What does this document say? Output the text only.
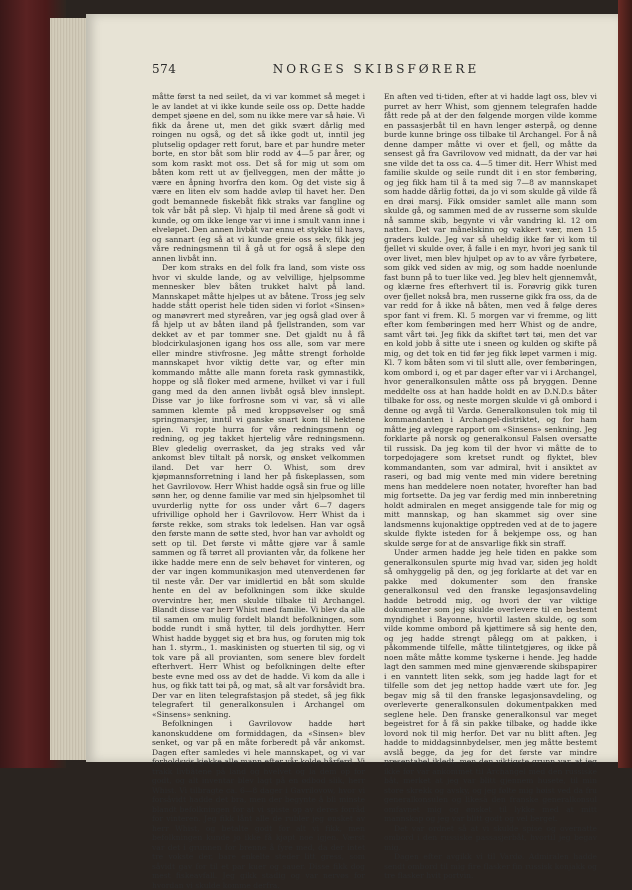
574	NORGES SKIBSFØRERE

måtte først ta ned seilet, da vi var kommet så meget i le av landet at vi ikke kunde seile oss op. Dette hadde dempet sjøene en del, som nu ikke mere var så høie. Vi fikk da årene ut, men det gikk svært dårlig med roingen nu også, og det så ikke godt ut, inntil jeg plutselig opdager rett forut, bare et par hundre meter borte, en stor båt som blir rodd av 4—5 par årer, og som kom raskt mot oss. Det så for mig ut som om båten kom rett ut av fjellveggen, men der måtte jo være en åpning hvorfra den kom. Og det viste sig å være en liten elv som hadde avløp til havet her. Den godt bemannede fiskebåt fikk straks var fangline og tok vår båt på slep. Vi hjalp til med årene så godt vi kunde, og om ikke lenge var vi inne i smult vann inne i elveløpet. Den annen livbåt var ennu et stykke til havs, og sannart (eg så at vi kunde greie oss selv, fikk jeg våre redningsmenn til å gå ut for også å slepe den annen livbåt inn.

Der kom straks en del folk fra land, som viste oss hvor vi skulde lande, og av velvillige, hjelpsomme mennesker blev båten trukket halvt på land. Mannskapet måtte hjelpes ut av båtene. Tross jeg selv hadde stått operist hele tiden siden vi forlot «Sinsen» og manøvrert med styreåren, var jeg også glad over å få hjelp ut av båten iland på fjellstranden, som var dekket av et par tommer sne. Det gjaldt nu å få blodcirkulasjonen igang hos oss alle, som var mere eller mindre stivfrosne. Jeg måtte strengt forholde mannskapet hvor viktig dette var, og efter min kommando måtte alle mann foreta rask gymnastikk, hoppe og slå floker med armene, hvilket vi var i full gang med da den annen livbåt også blev innslept. Disse var jo like forfrosne som vi var, så vi alle sammen klemte på med kroppsøvelser og små springmarsjer, inntil vi ganske snart kom til hektene igjen. Vi ropte hurra for våre redningsmenn og redning, og jeg takket hjertelig våre redningsmenn. Blev gledelig overrasket, da jeg straks ved vår ankomst blev tiltalt på norsk, og ønsket velkommen iland. Det var herr O. Whist, som drev kjøpmannsforretning i land her på fiskeplassen, som het Gavrilovow. Herr Whist hadde også sin frue og lille sønn her, og denne familie var med sin hjelpsomhet til uvurderlig nytte for oss under vårt 6—7 dagers ufrivillige ophold her i Gavrilovow. Herr Whist da i første rekke, som straks tok ledelsen. Han var også den første mann de søtte sted, hvor han var avholdt og sett op til. Det første vi måtte gjøre var å samle sammen og få tørret all provianten vår, da folkene her ikke hadde mere enn de selv behøvet for vinteren, og der var ingen kommunikasjon med utenverdenen før til neste vår. Der var imidlertid en båt som skulde hente en del av befolkningen som ikke skulde overvintre her, men skulde tilbake til Archangel. Blandt disse var herr Whist med familie. Vi blev da alle til samen om mulig fordelt blandt befolkningen, som bodde rundt i små hytter, til dels jordhytter. Herr Whist hadde bygget sig et bra hus, og foruten mig tok han 1. styrm., 1. maskinisten og stuerten til sig, og vi tok vare på all provianten, som senere blev fordelt efterhvert. Herr Whist og befolkningen delte efter beste evne med oss av det de hadde. Vi kom da alle i hus, og fikk tatt tøi på, og mat, så alt var forsåvidt bra. Der var en liten telegrafstasjon på stedet, så jeg fikk telegrafert til generalkonsulen i Archangel om «Sinsens» senkning.

Befolkningen i Gavrilovow hadde hørt kanonskuddene om formiddagen, da «Sinsen» blev senket, og var på en måte forberedt på vår ankomst. Dagen efter samledes vi hele mannskapet, og vi var forholdsvis kjekke alle mann efter vår kolde bårferd. Vi trakk livbåtene på land og hvelvet og la dem op for godt, og alt inventar blev lagt på en ødbod slik, herr Whist. Vi tilbragte ca. 6—8 dager i Gavrilovow, hvor vi forsåvidt hadde det bra, men der begynte å bli minste blandt befolkningen for at vi spiste op av deres forråd for vinteren. Jeg fikk lånt alle de rubler jeg ønsket av herr Whist, og betalte godt for alt vi fikk, men befolkningen kunde jo ikke få kjøpt noe igjen. Værst var det i grunnen for brenne å fyre med, da der intet tre vokste der, bare enkelte steder litt gress, som såvidt gav for til et par kuer og sauer. Disse fikk dog mest fiskeavfall. Jeg gikk stadig og var nervøs for hvordan vi skulde komme derfra.

En aften ved ti-tiden, efter at vi hadde lagt oss, blev vi purret av herr Whist, som gjennem telegrafen hadde fått rede på at der den følgende morgen vilde komme en passasjerbåt til en havn lenger østerpå, og denne burde kunne bringe oss tilbake til Archangel. For å nå denne damper måtte vi over et fjell, og måtte da sensest gå fra Gavrilovow ved midnatt, da der var høi sne vilde det ta oss ca. 4—5 timer dit. Herr Whist med familie skulde og seile rundt dit i en stor fembøring, og jeg fikk ham til å ta med sig 7—8 av mannskapet som hadde dårlig fottøi, da jo vi som skulde gå vilde få en drøi marsj. Fikk omsider samlet alle mann som skulde gå, og sammen med de av russerne som skulde nå samme skib, begynte vi vår vandring kl. 12 om natten. Det var månelskinn og vakkert vær, men 15 graders kulde. Jeg var så uheldig ikke før vi kom til fjellet vi skulde over, å falle i en myr, hvori jeg sank til over livet, men blev hjulpet op av to av våre fyrbøtere, som gikk ved siden av mig, og som hadde noenlunde fast bunn på to tuer like ved. Jeg blev helt gjennemvåt, og klærne fres efterhvert til is. Forøvrig gikk turen over fjellet nokså bra, men russerne gikk fra oss, da de var redd for å ikke nå båten, men ved å følge deres spor fant vi frem. Kl. 5 morgen var vi fremme, og litt efter kom fembøringen med herr Whist og de andre, samt vårt tøi. Jeg fikk da skiftet tørt tøi, men det var en kold jobb å sitte ute i sneen og kulden og skifte på mig, og det tok en tid før jeg fikk løpet varmen i mig. Kl. 7 kom båten som vi til slutt alle, over fembøringen, kom ombord i, og et par dager efter var vi i Archangel, hvor generalkonsulen måtte oss på bryggen. Denne meddelte oss at han hadde holdt en av D.N.D.s båter tilbake for oss, og neste morgen skulde vi gå ombord i denne og avgå til Vardø. Generalkonsulen tok mig til kommandanten i Archangel-distriktet, og for ham måtte jeg avlegge rapport om «Sinsens» senkning. Jeg forklarte på norsk og generalkonsul Falsen oversatte til russisk. Da jeg kom til der hvor vi måtte de to torpedojagere som kretset rundt og flyktet, blev kommandanten, som var admiral, hvit i ansiktet av raseri, og bad mig vente med min videre beretning mens han meddelere noen notater, hvorefter han bad mig fortsette. Da jeg var ferdig med min innberetning holdt admiralen en meget ansiggende tale for mig og mitt mannskap, og han skammet sig over sine landsmenns kujonaktige opptreden ved at de to jagere skulde flykte isteden for å bekjempe oss, og han skulde sørge for at de ansvarlige fikk sin straff.

Under armen hadde jeg hele tiden en pakke som generalkonsulen spurte mig hvad var, siden jeg holdt så omhyggelig på den, og jeg forklarte at det var en pakke med dokumenter som den franske generalkonsul ved den franske legasjonsavdeling hadde betrodd mig, og hvori der var viktige dokumenter som jeg skulde overlevere til en bestemt myndighet i Bayonne, hvortil lasten skulde, og som vilde komme ombord på kjøttimere så sig hente den, og jeg hadde strengt pålegg om at pakken, i påkommende tilfelle, måtte tilintetgjøres, og ikke på noen måte måtte komme tyskerne i hende. Jeg hadde lagt den sammen med mine gjenværende skibspapirer i en vanntett liten sekk, som jeg hadde lagt for et tilfelle som det jeg nettop hadde vært ute for. Jeg begav mig så til den franske legasjonsavdeling, og overleverte generalkonsulen dokumentpakken med seglene hele. Den franske generalkonsul var meget begeistret for å få sin pakke tilbake, og hadde ikke lovord nok til mig herfor. Det var nu blitt aften. Jeg hadde to middagsinnbydelser, men jeg måtte bestemt avslå begge, da jeg for det første var mindre presentabel ikledt, men den viktigste grunn var, at jeg ikke før var ankommet til Archangel med den russiske båt, merket at jeg var blitt gjennem husete, til min store skrekk og avsky, og jeg følte mig høist ved da fru generalkonsulen og likesà den franske generalkonsul omfavnet mig og ønsket til lykke med at mitt mannskap og jeg var blitt godt og vel berget.

Det var ordnet så at vi skulde spise og overnatte ombord i den russiske passasjerbåt, hvortil jeg begav mig.

Dagen efter avgikk vi til Vardø. Admiralen hadde sendt ombord til mig fire flasker fin russisk konjakk og tre flasker hvit portvin.
